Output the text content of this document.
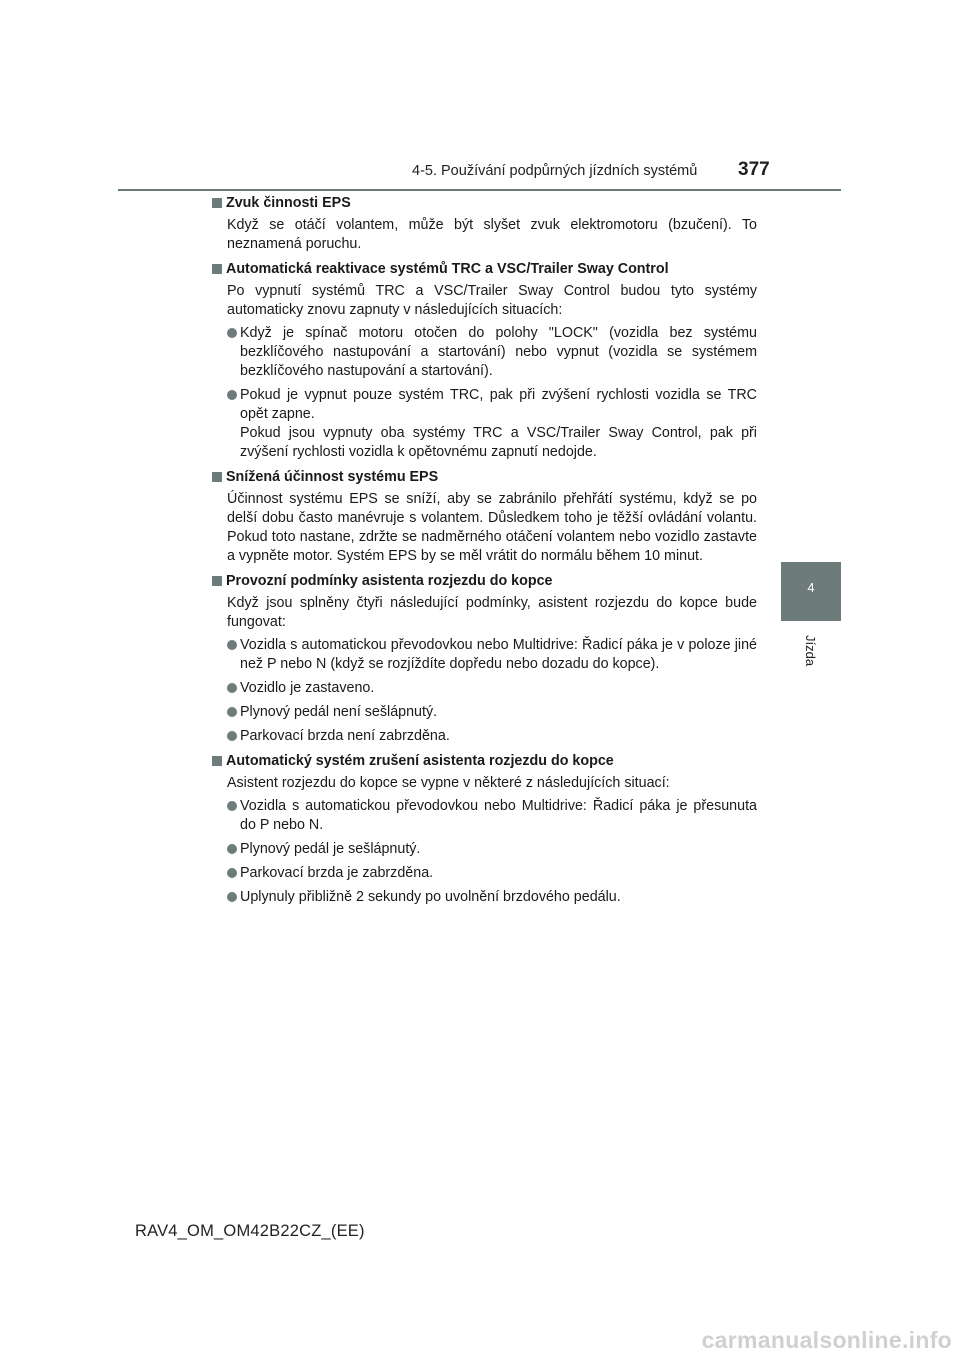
4-5. Používání podpůrných jízdních systémů 377
4
Jízda
Zvuk činnosti EPS
Když se otáčí volantem, může být slyšet zvuk elektromotoru (bzučení). To neznamená poruchu.
Automatická reaktivace systémů TRC a VSC/Trailer Sway Control
Po vypnutí systémů TRC a VSC/Trailer Sway Control budou tyto systémy automaticky znovu zapnuty v následujících situacích:
Když je spínač motoru otočen do polohy "LOCK" (vozidla bez systému bezklíčového nastupování a startování) nebo vypnut (vozidla se systémem bezklíčového nastupování a startování).
Pokud je vypnut pouze systém TRC, pak při zvýšení rychlosti vozidla se TRC opět zapne.
Pokud jsou vypnuty oba systémy TRC a VSC/Trailer Sway Control, pak při zvýšení rychlosti vozidla k opětovnému zapnutí nedojde.
Snížená účinnost systému EPS
Účinnost systému EPS se sníží, aby se zabránilo přehřátí systému, když se po delší dobu často manévruje s volantem. Důsledkem toho je těžší ovládání volantu. Pokud toto nastane, zdržte se nadměrného otáčení volantem nebo vozidlo zastavte a vypněte motor. Systém EPS by se měl vrátit do normálu během 10 minut.
Provozní podmínky asistenta rozjezdu do kopce
Když jsou splněny čtyři následující podmínky, asistent rozjezdu do kopce bude fungovat:
Vozidla s automatickou převodovkou nebo Multidrive: Řadicí páka je v poloze jiné než P nebo N (když se rozjíždíte dopředu nebo dozadu do kopce).
Vozidlo je zastaveno.
Plynový pedál není sešlápnutý.
Parkovací brzda není zabrzděna.
Automatický systém zrušení asistenta rozjezdu do kopce
Asistent rozjezdu do kopce se vypne v některé z následujících situací:
Vozidla s automatickou převodovkou nebo Multidrive: Řadicí páka je přesunuta do P nebo N.
Plynový pedál je sešlápnutý.
Parkovací brzda je zabrzděna.
Uplynuly přibližně 2 sekundy po uvolnění brzdového pedálu.
RAV4_OM_OM42B22CZ_(EE)
carmanualsonline.info
